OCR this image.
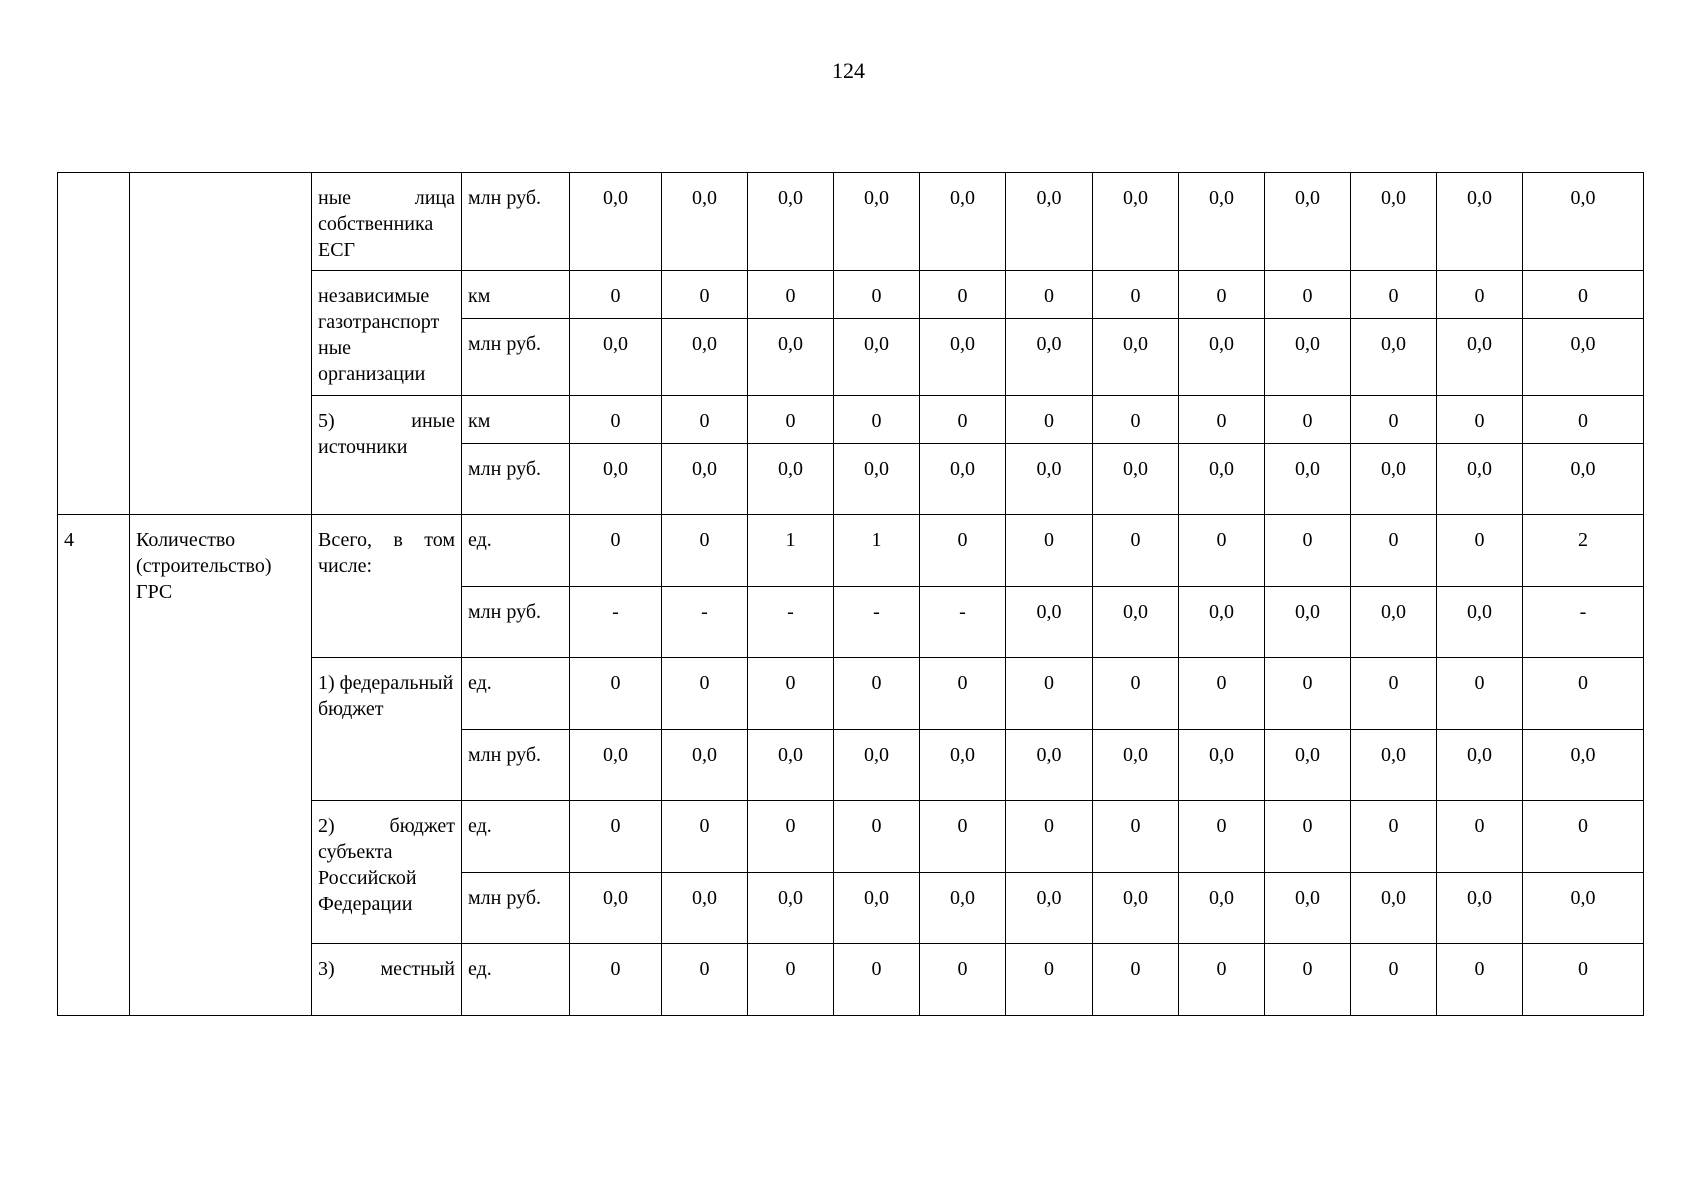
124
		ные лица собственника ЕСГ	млн руб.	0,0	0,0	0,0	0,0	0,0	0,0	0,0	0,0	0,0	0,0	0,0	0,0
		независимые газотранспорт ные организации	км	0	0	0	0	0	0	0	0	0	0	0	0
			млн руб.	0,0	0,0	0,0	0,0	0,0	0,0	0,0	0,0	0,0	0,0	0,0	0,0
		5) иные источники	км	0	0	0	0	0	0	0	0	0	0	0	0
			млн руб.	0,0	0,0	0,0	0,0	0,0	0,0	0,0	0,0	0,0	0,0	0,0	0,0
4	Количество (строительство) ГРС	Всего, в том числе:	ед.	0	0	1	1	0	0	0	0	0	0	0	2
			млн руб.	-	-	-	-	-	0,0	0,0	0,0	0,0	0,0	0,0	-
		1) федеральный бюджет	ед.	0	0	0	0	0	0	0	0	0	0	0	0
			млн руб.	0,0	0,0	0,0	0,0	0,0	0,0	0,0	0,0	0,0	0,0	0,0	0,0
		2) бюджет субъекта Российской Федерации	ед.	0	0	0	0	0	0	0	0	0	0	0	0
			млн руб.	0,0	0,0	0,0	0,0	0,0	0,0	0,0	0,0	0,0	0,0	0,0	0,0
		3) местный	ед.	0	0	0	0	0	0	0	0	0	0	0	0
